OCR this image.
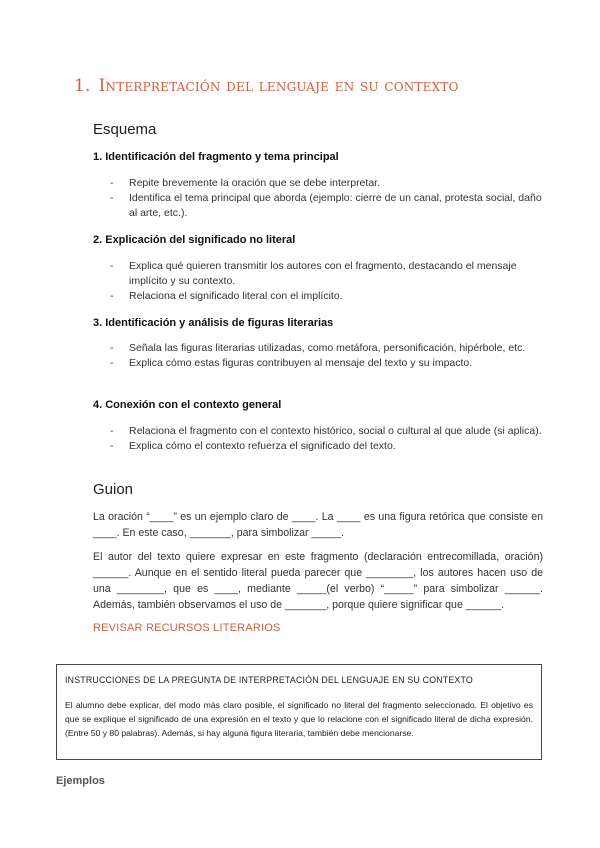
1. Interpretación del lenguaje en su contexto
Esquema
1. Identificación del fragmento y tema principal
- Repite brevemente la oración que se debe interpretar.
- Identifica el tema principal que aborda (ejemplo: cierre de un canal, protesta social, daño al arte, etc.).
2. Explicación del significado no literal
- Explica qué quieren transmitir los autores con el fragmento, destacando el mensaje implícito y su contexto.
- Relaciona el significado literal con el implícito.
3. Identificación y análisis de figuras literarias
- Señala las figuras literarias utilizadas, como metáfora, personificación, hipérbole, etc.
- Explica cómo estas figuras contribuyen al mensaje del texto y su impacto.
4. Conexión con el contexto general
- Relaciona el fragmento con el contexto histórico, social o cultural al que alude (si aplica).
- Explica cómo el contexto refuerza el significado del texto.
Guion

La oración “____” es un ejemplo claro de ____. La ____ es una figura retórica que consiste en ____. En este caso, _______, para simbolizar _____.

El autor del texto quiere expresar en este fragmento (declaración entrecomillada, oración) ______. Aunque en el sentido literal pueda parecer que ________, los autores hacen uso de una ________, que es ____, mediante _____(el verbo) “_____” para simbolizar ______. Además, también observamos el uso de _______, porque quiere significar que ______.

REVISAR RECURSOS LITERARIOS

INSTRUCCIONES DE LA PREGUNTA DE INTERPRETACIÓN DEL LENGUAJE EN SU CONTEXTO

El alumno debe explicar, del modo más claro posible, el significado no literal del fragmento seleccionado. El objetivo es que se explique el significado de una expresión en el texto y que lo relacione con el significado literal de dicha expresión. (Entre 50 y 80 palabras). Además, si hay alguna figura literaria, también debe mencionarse.

Ejemplos
